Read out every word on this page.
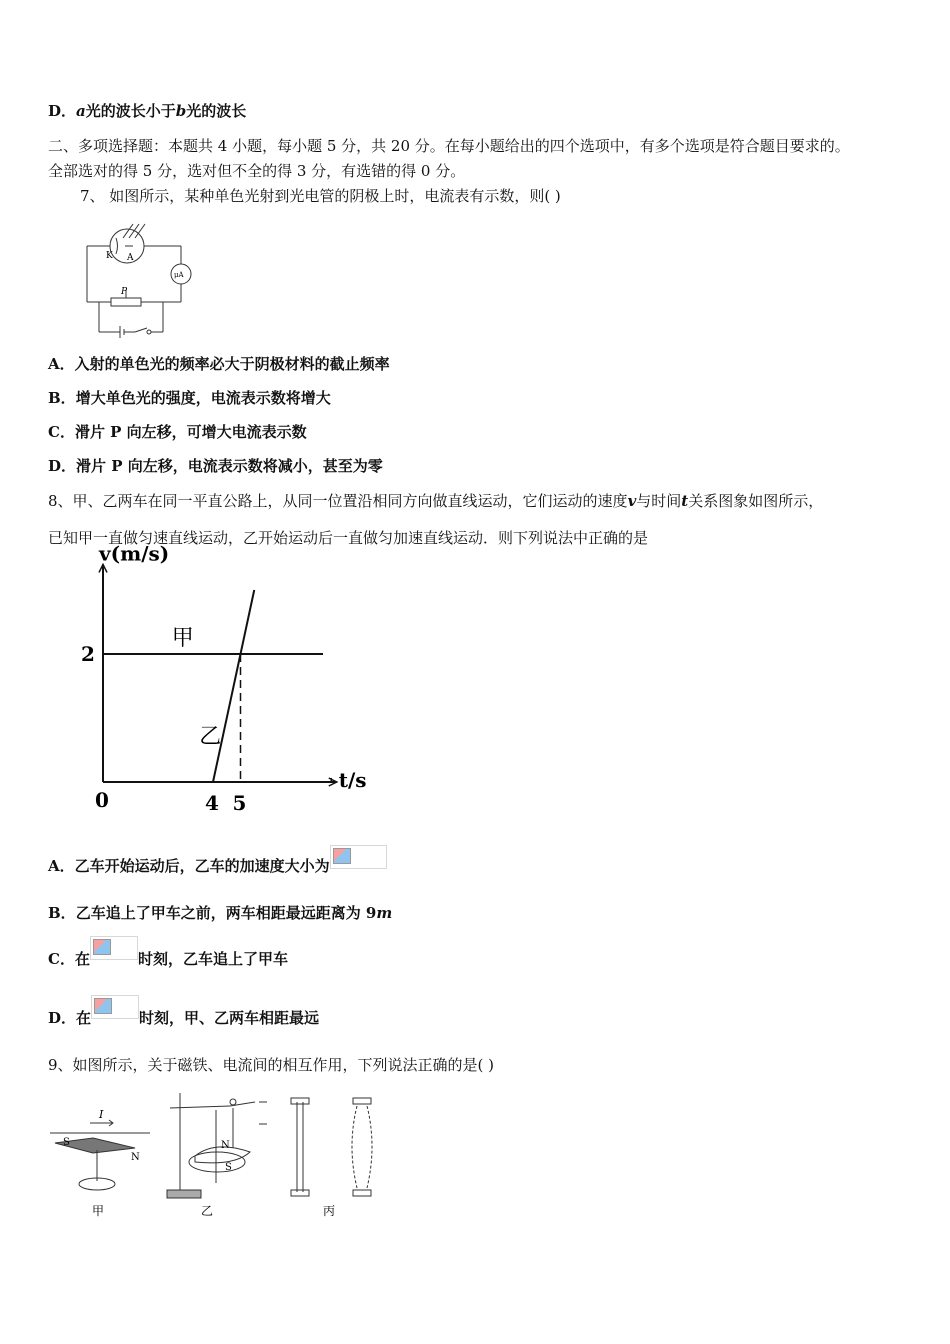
D．a光的波长小于b光的波长
二、多项选择题：本题共 4 小题，每小题 5 分，共 20 分。在每小题给出的四个选项中，有多个选项是符合题目要求的。
全部选对的得 5 分，选对但不全的得 3 分，有选错的得 0 分。
7、 如图所示，某种单色光射到光电管的阴极上时，电流表有示数，则( )
K A
μA
P
A．入射的单色光的频率必大于阴极材料的截止频率
B．增大单色光的强度，电流表示数将增大
C．滑片 P 向左移，可增大电流表示数
D．滑片 P 向左移，电流表示数将减小，甚至为零
8、甲、乙两车在同一平直公路上，从同一位置沿相同方向做直线运动，它们运动的速度v与时间t关系图象如图所示，
已知甲一直做匀速直线运动，乙开始运动后一直做匀加速直线运动．则下列说法中正确的是
v(m/s)
t/s
0	4 5
2
甲
乙
A．乙车开始运动后，乙车的加速度大小为
B．乙车追上了甲车之前，两车相距最远距离为 9m
C．在	时刻，乙车追上了甲车
D．在	时刻，甲、乙两车相距最远
9、如图所示，关于磁铁、电流间的相互作用，下列说法正确的是( )
I
S
N
N
S
甲	乙	丙
